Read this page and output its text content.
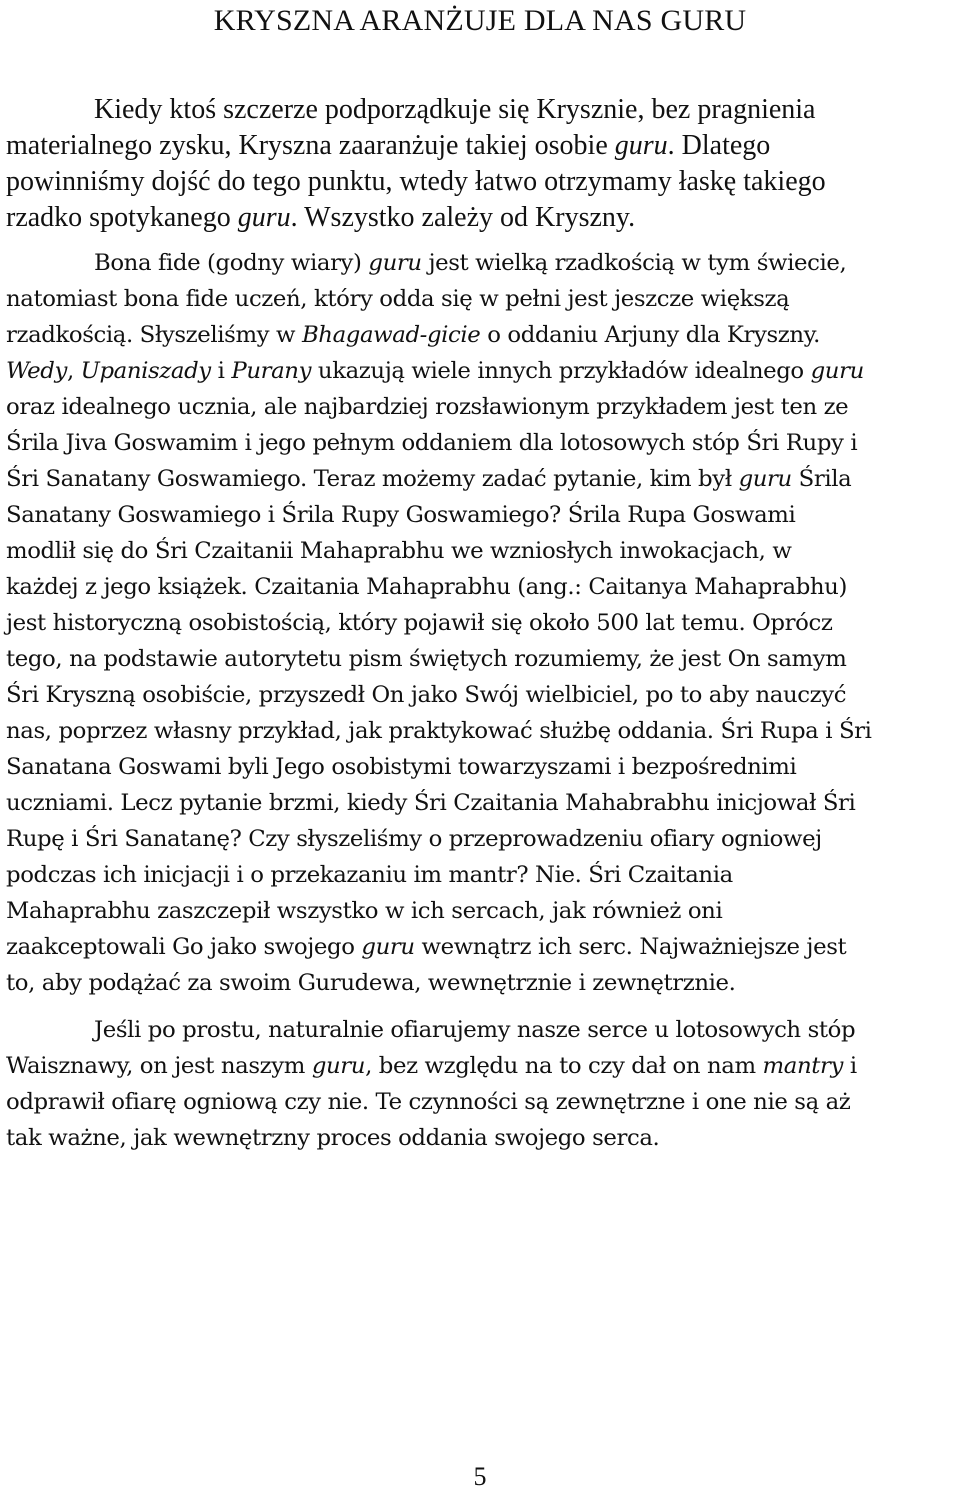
KRYSZNA ARANŻUJE DLA NAS GURU
Kiedy ktoś szczerze podporządkuje się Krysznie, bez pragnienia
materialnego zysku, Kryszna zaaranżuje takiej osobie guru. Dlatego
powinniśmy dojść do tego punktu, wtedy łatwo otrzymamy łaskę takiego
rzadko spotykanego guru. Wszystko zależy od Kryszny.
Bona fide (godny wiary) guru jest wielką rzadkością w tym świecie,
natomiast bona fide uczeń, który odda się w pełni jest jeszcze większą
rzadkością. Słyszeliśmy w Bhagawad-gicie o oddaniu Arjuny dla Kryszny.
Wedy, Upaniszady i Purany ukazują wiele innych przykładów idealnego guru
oraz idealnego ucznia, ale najbardziej rozsławionym przykładem jest ten ze
Śrila Jiva Goswamim i jego pełnym oddaniem dla lotosowych stóp Śri Rupy i
Śri Sanatany Goswamiego. Teraz możemy zadać pytanie, kim był guru Śrila
Sanatany Goswamiego i Śrila Rupy Goswamiego? Śrila Rupa Goswami
modlił się do Śri Czaitanii Mahaprabhu we wzniosłych inwokacjach, w
każdej z jego książek. Czaitania Mahaprabhu (ang.: Caitanya Mahaprabhu)
jest historyczną osobistością, który pojawił się około 500 lat temu. Oprócz
tego, na podstawie autorytetu pism świętych rozumiemy, że jest On samym
Śri Kryszną osobiście, przyszedł On jako Swój wielbiciel, po to aby nauczyć
nas, poprzez własny przykład, jak praktykować służbę oddania. Śri Rupa i Śri
Sanatana Goswami byli Jego osobistymi towarzyszami i bezpośrednimi
uczniami. Lecz pytanie brzmi, kiedy Śri Czaitania Mahabrabhu inicjował Śri
Rupę i Śri Sanatanę? Czy słyszeliśmy o przeprowadzeniu ofiary ogniowej
podczas ich inicjacji i o przekazaniu im mantr? Nie. Śri Czaitania
Mahaprabhu zaszczepił wszystko w ich sercach, jak również oni
zaakceptowali Go jako swojego guru wewnątrz ich serc. Najważniejsze jest
to, aby podążać za swoim Gurudewa, wewnętrznie i zewnętrznie.
Jeśli po prostu, naturalnie ofiarujemy nasze serce u lotosowych stóp
Waisznawy, on jest naszym guru, bez względu na to czy dał on nam mantry i
odprawił ofiarę ogniową czy nie. Te czynności są zewnętrzne i one nie są aż
tak ważne, jak wewnętrzny proces oddania swojego serca.
5
